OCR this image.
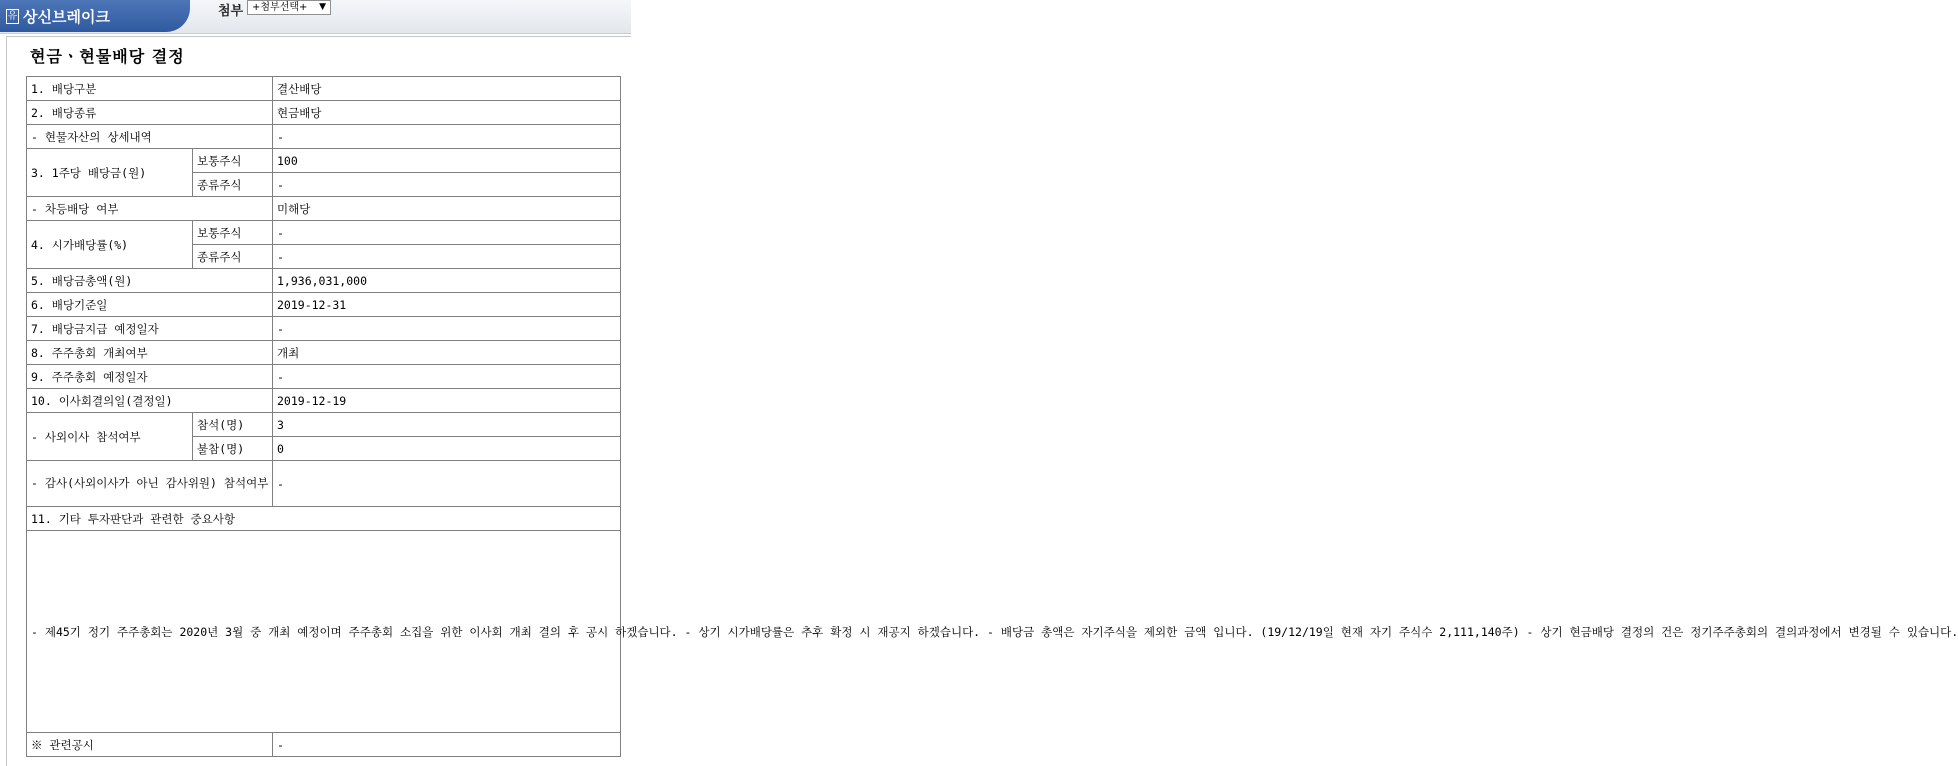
유 상신브레이크	첨부 +첨부선택+ ▼
현금ㆍ현물배당 결정
1. 배당구분		결산배당
2. 배당종류		현금배당
- 현물자산의 상세내역		-
3. 1주당 배당금(원)	보통주식	100
	종류주식	-
- 차등배당 여부		미해당
4. 시가배당률(%)	보통주식	-
	종류주식	-
5. 배당금총액(원)		1,936,031,000
6. 배당기준일		2019-12-31
7. 배당금지급 예정일자		-
8. 주주총회 개최여부		개최
9. 주주총회 예정일자		-
10. 이사회결의일(결정일)		2019-12-19
- 사외이사 참석여부	참석(명)	3
	불참(명)	0
- 감사(사외이사가 아닌 감사위원) 참석여부		-
11. 기타 투자판단과 관련한 중요사항		
- 제45기 정기 주주총회는 2020년 3월 중 개최 예정이며 주주총회 소집을 위한 이사회 개최 결의 후 공시 하겠습니다. - 상기 시가배당률은 추후 확정 시 재공지 하겠습니다. - 배당금 총액은 자기주식을 제외한 금액 입니다. (19/12/19일 현재 자기 주식수 2,111,140주) - 상기 현금배당 결정의 건은 정기주주총회의 결의과정에서 변경될 수 있습니다.		
※ 관련공시		-
